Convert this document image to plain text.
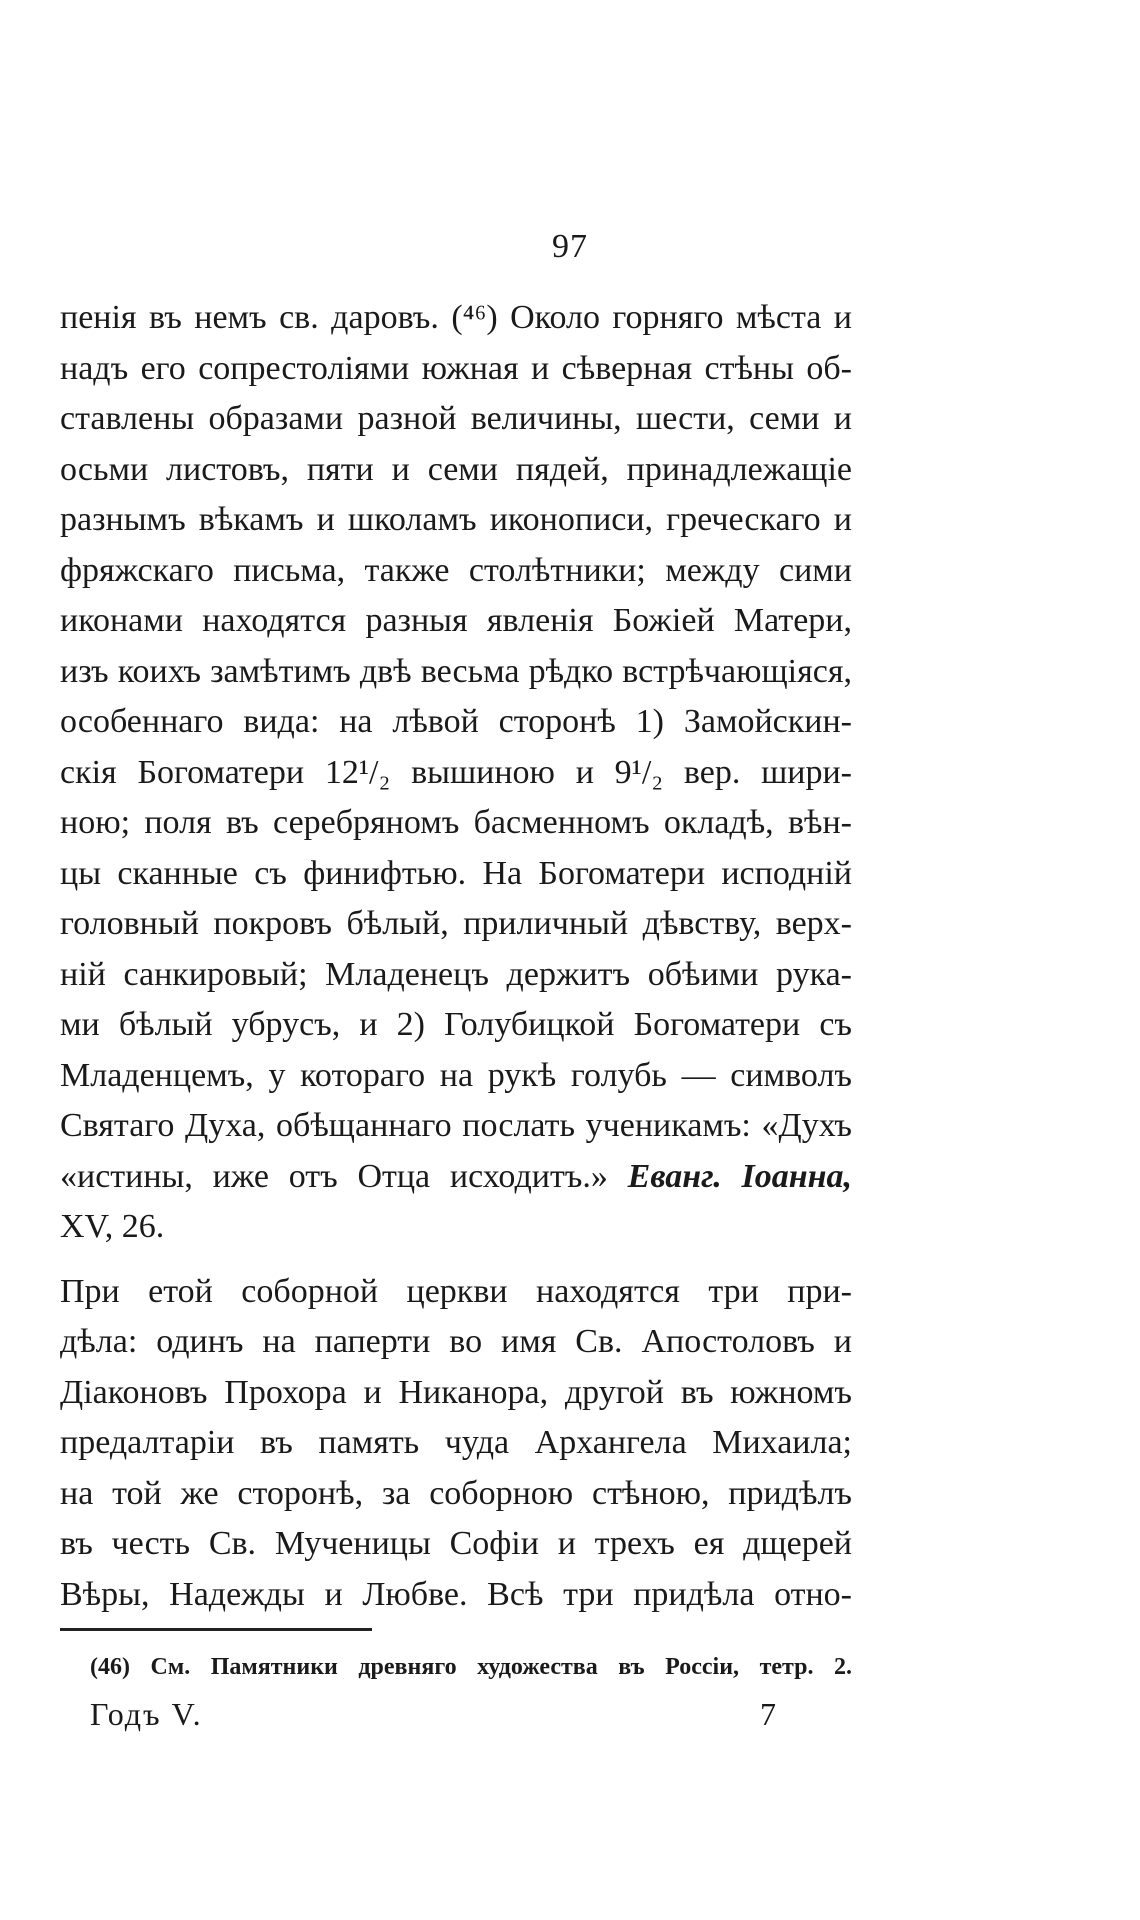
97
пенія въ немъ св. даровъ. (⁴⁶) Около горняго мѣста и
надъ его сопрестоліями южная и сѣверная стѣны об-
ставлены образами разной величины, шести, семи и
осьми листовъ, пяти и семи пядей, принадлежащіе
разнымъ вѣкамъ и школамъ иконописи, греческаго и
фряжскаго письма, также столѣтники; между сими
иконами находятся разныя явленія Божіей Матери,
изъ коихъ замѣтимъ двѣ весьма рѣдко встрѣчающіяся,
особеннаго вида: на лѣвой сторонѣ 1) Замойскин-
скія Богоматери 12¹/₂ вышиною и 9¹/₂ вер. шири-
ною; поля въ серебряномъ басменномъ окладѣ, вѣн-
цы сканные съ финифтью. На Богоматери исподній
головный покровъ бѣлый, приличный дѣвству, верх-
ній санкировый; Младенецъ держитъ обѣими рука-
ми бѣлый убрусъ, и 2) Голубицкой Богоматери съ
Младенцемъ, у котораго на рукѣ голубь — символъ
Святаго Духа, обѣщаннаго послать ученикамъ: «Духъ
«истины, иже отъ Отца исходитъ.» Еванг. Іоанна,
XV, 26.
При етой соборной церкви находятся три при-
дѣла: одинъ на паперти во имя Св. Апостоловъ и
Діаконовъ Прохора и Никанора, другой въ южномъ
предалтаріи въ память чуда Архангела Михаила;
на той же сторонѣ, за соборною стѣною, придѣлъ
въ честь Св. Мученицы Софіи и трехъ ея дщерей
Вѣры, Надежды и Любве. Всѣ три придѣла отно-
(46) См. Памятники древняго художества въ Россіи, тетр. 2.
Годъ V.	7
